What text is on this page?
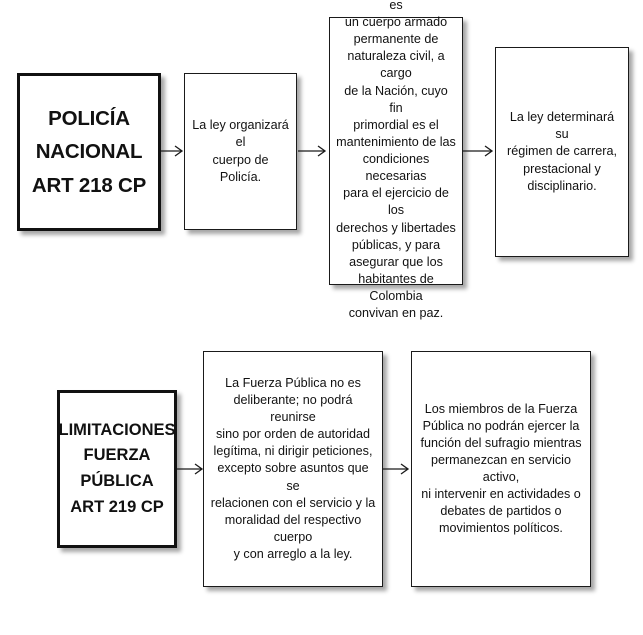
POLICÍA
NACIONAL
ART 218 CP
La ley organizará el
cuerpo de Policía.
es
un cuerpo armado
permanente de
naturaleza civil, a cargo
de la Nación, cuyo fin
primordial es el
mantenimiento de las
condiciones necesarias
para el ejercicio de los
derechos y libertades
públicas, y para
asegurar que los
habitantes de Colombia
convivan en paz.
La ley determinará su
régimen de carrera,
prestacional y
disciplinario.
LIMITACIONES
FUERZA
PÚBLICA
ART 219 CP
La Fuerza Pública no es
deliberante; no podrá reunirse
sino por orden de autoridad
legítima, ni dirigir peticiones,
excepto sobre asuntos que se
relacionen con el servicio y la
moralidad del respectivo cuerpo
y con arreglo a la ley.
Los miembros de la Fuerza
Pública no podrán ejercer la
función del sufragio mientras
permanezcan en servicio activo,
ni intervenir en actividades o
debates de partidos o
movimientos políticos.
